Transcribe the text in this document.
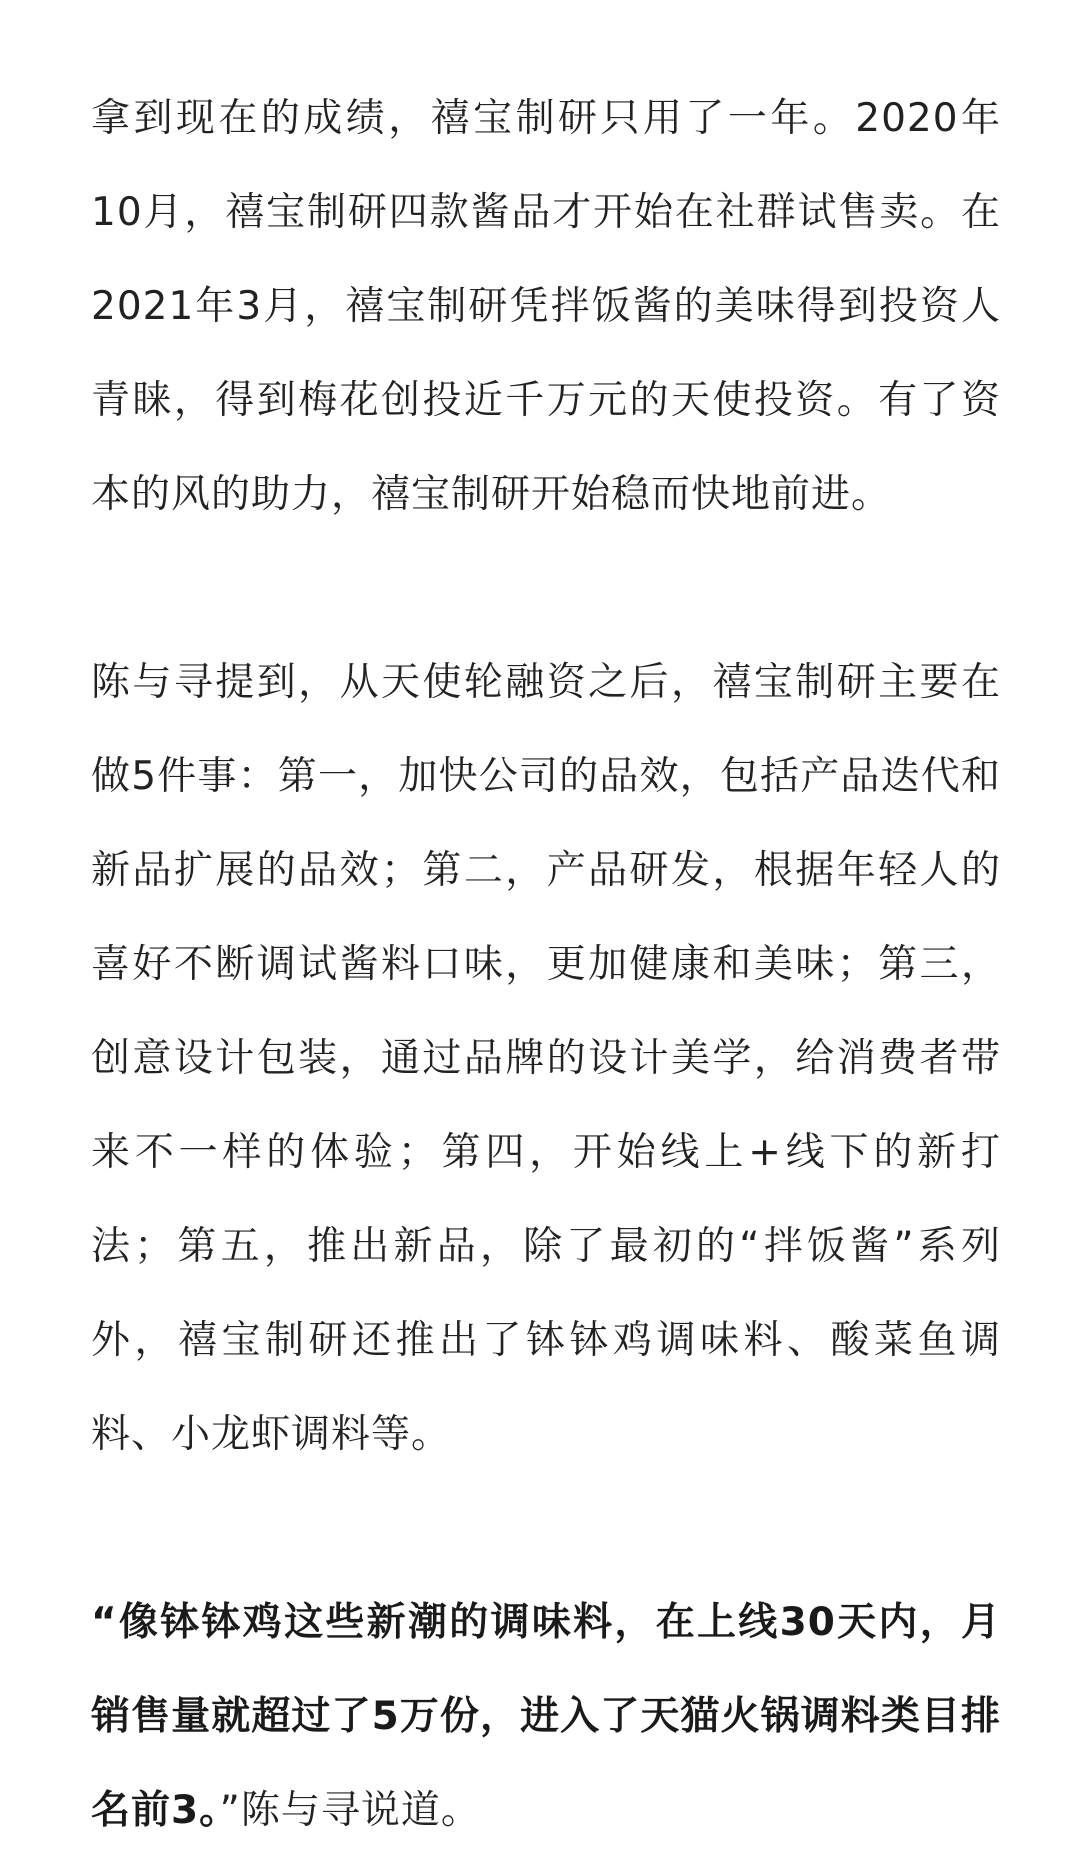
拿到现在的成绩，禧宝制研只用了一年。2020年10月，禧宝制研四款酱品才开始在社群试售卖。在2021年3月，禧宝制研凭拌饭酱的美味得到投资人青睐，得到梅花创投近千万元的天使投资。有了资本的风的助力，禧宝制研开始稳而快地前进。

陈与寻提到，从天使轮融资之后，禧宝制研主要在做5件事：第一，加快公司的品效，包括产品迭代和新品扩展的品效；第二，产品研发，根据年轻人的喜好不断调试酱料口味，更加健康和美味；第三，创意设计包装，通过品牌的设计美学，给消费者带来不一样的体验；第四，开始线上+线下的新打法；第五，推出新品，除了最初的“拌饭酱”系列外，禧宝制研还推出了钵钵鸡调味料、酸菜鱼调料、小龙虾调料等。

“像钵钵鸡这些新潮的调味料，在上线30天内，月销售量就超过了5万份，进入了天猫火锅调料类目排名前3。”陈与寻说道。
